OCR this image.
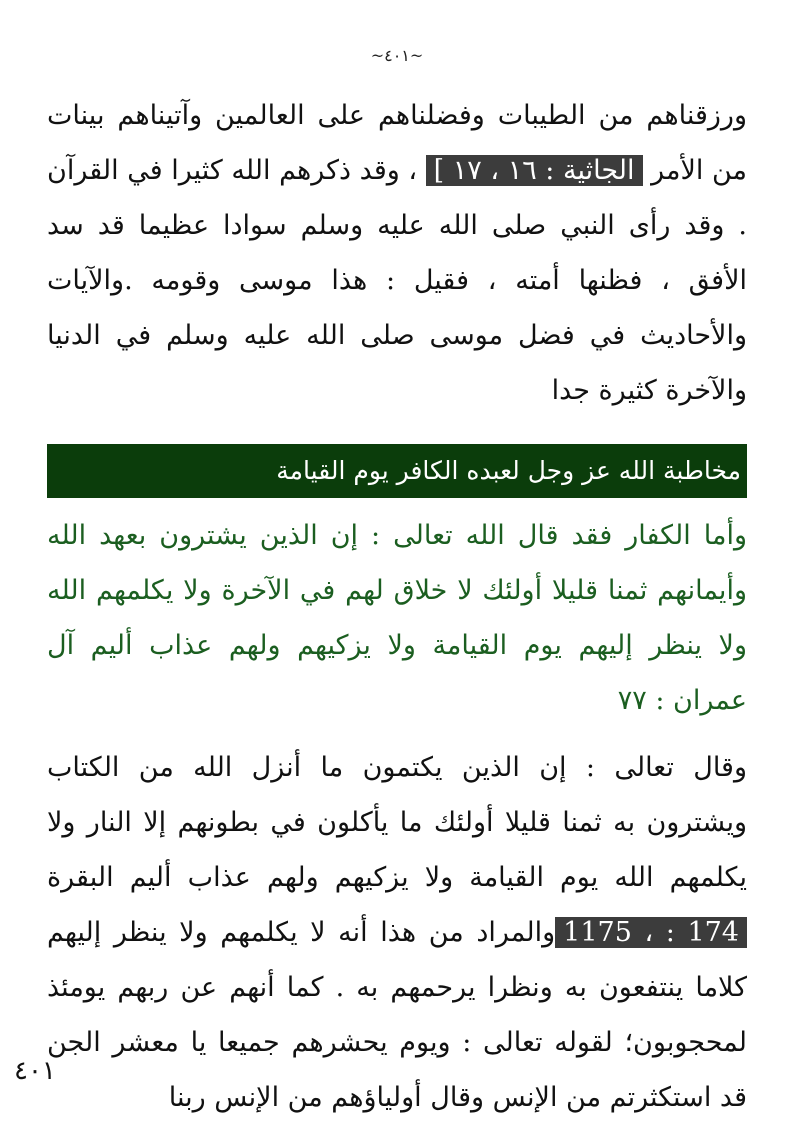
~٤٠١~

ورزقناهم من الطيبات وفضلناهم على العالمين وآتيناهم بينات من الأمر الجاثية : ١٦ ، ١٧ ] ، وقد ذكرهم الله كثيرا في القرآن . وقد رأى النبي صلى الله عليه وسلم سوادا عظيما قد سد الأفق ، فظنها أمته ، فقيل : هذا موسى وقومه .والآيات والأحاديث في فضل موسى صلى الله عليه وسلم في الدنيا والآخرة كثيرة جدا

مخاطبة الله عز وجل لعبده الكافر يوم القيامة

وأما الكفار فقد قال الله تعالى : إن الذين يشترون بعهد الله وأيمانهم ثمنا قليلا أولئك لا خلاق لهم في الآخرة ولا يكلمهم الله ولا ينظر إليهم يوم القيامة ولا يزكيهم ولهم عذاب أليم آل عمران : ٧٧

وقال تعالى : إن الذين يكتمون ما أنزل الله من الكتاب ويشترون به ثمنا قليلا أولئك ما يأكلون في بطونهم إلا النار ولا يكلمهم الله يوم القيامة ولا يزكيهم ولهم عذاب أليم البقرة 174 : ، 1175والمراد من هذا أنه لا يكلمهم ولا ينظر إليهم كلاما ينتفعون به ونظرا يرحمهم به . كما أنهم عن ربهم يومئذ لمحجوبون؛ لقوله تعالى : ويوم يحشرهم جميعا يا معشر الجن قد استكثرتم من الإنس وقال أولياؤهم من الإنس ربنا

٤٠١
